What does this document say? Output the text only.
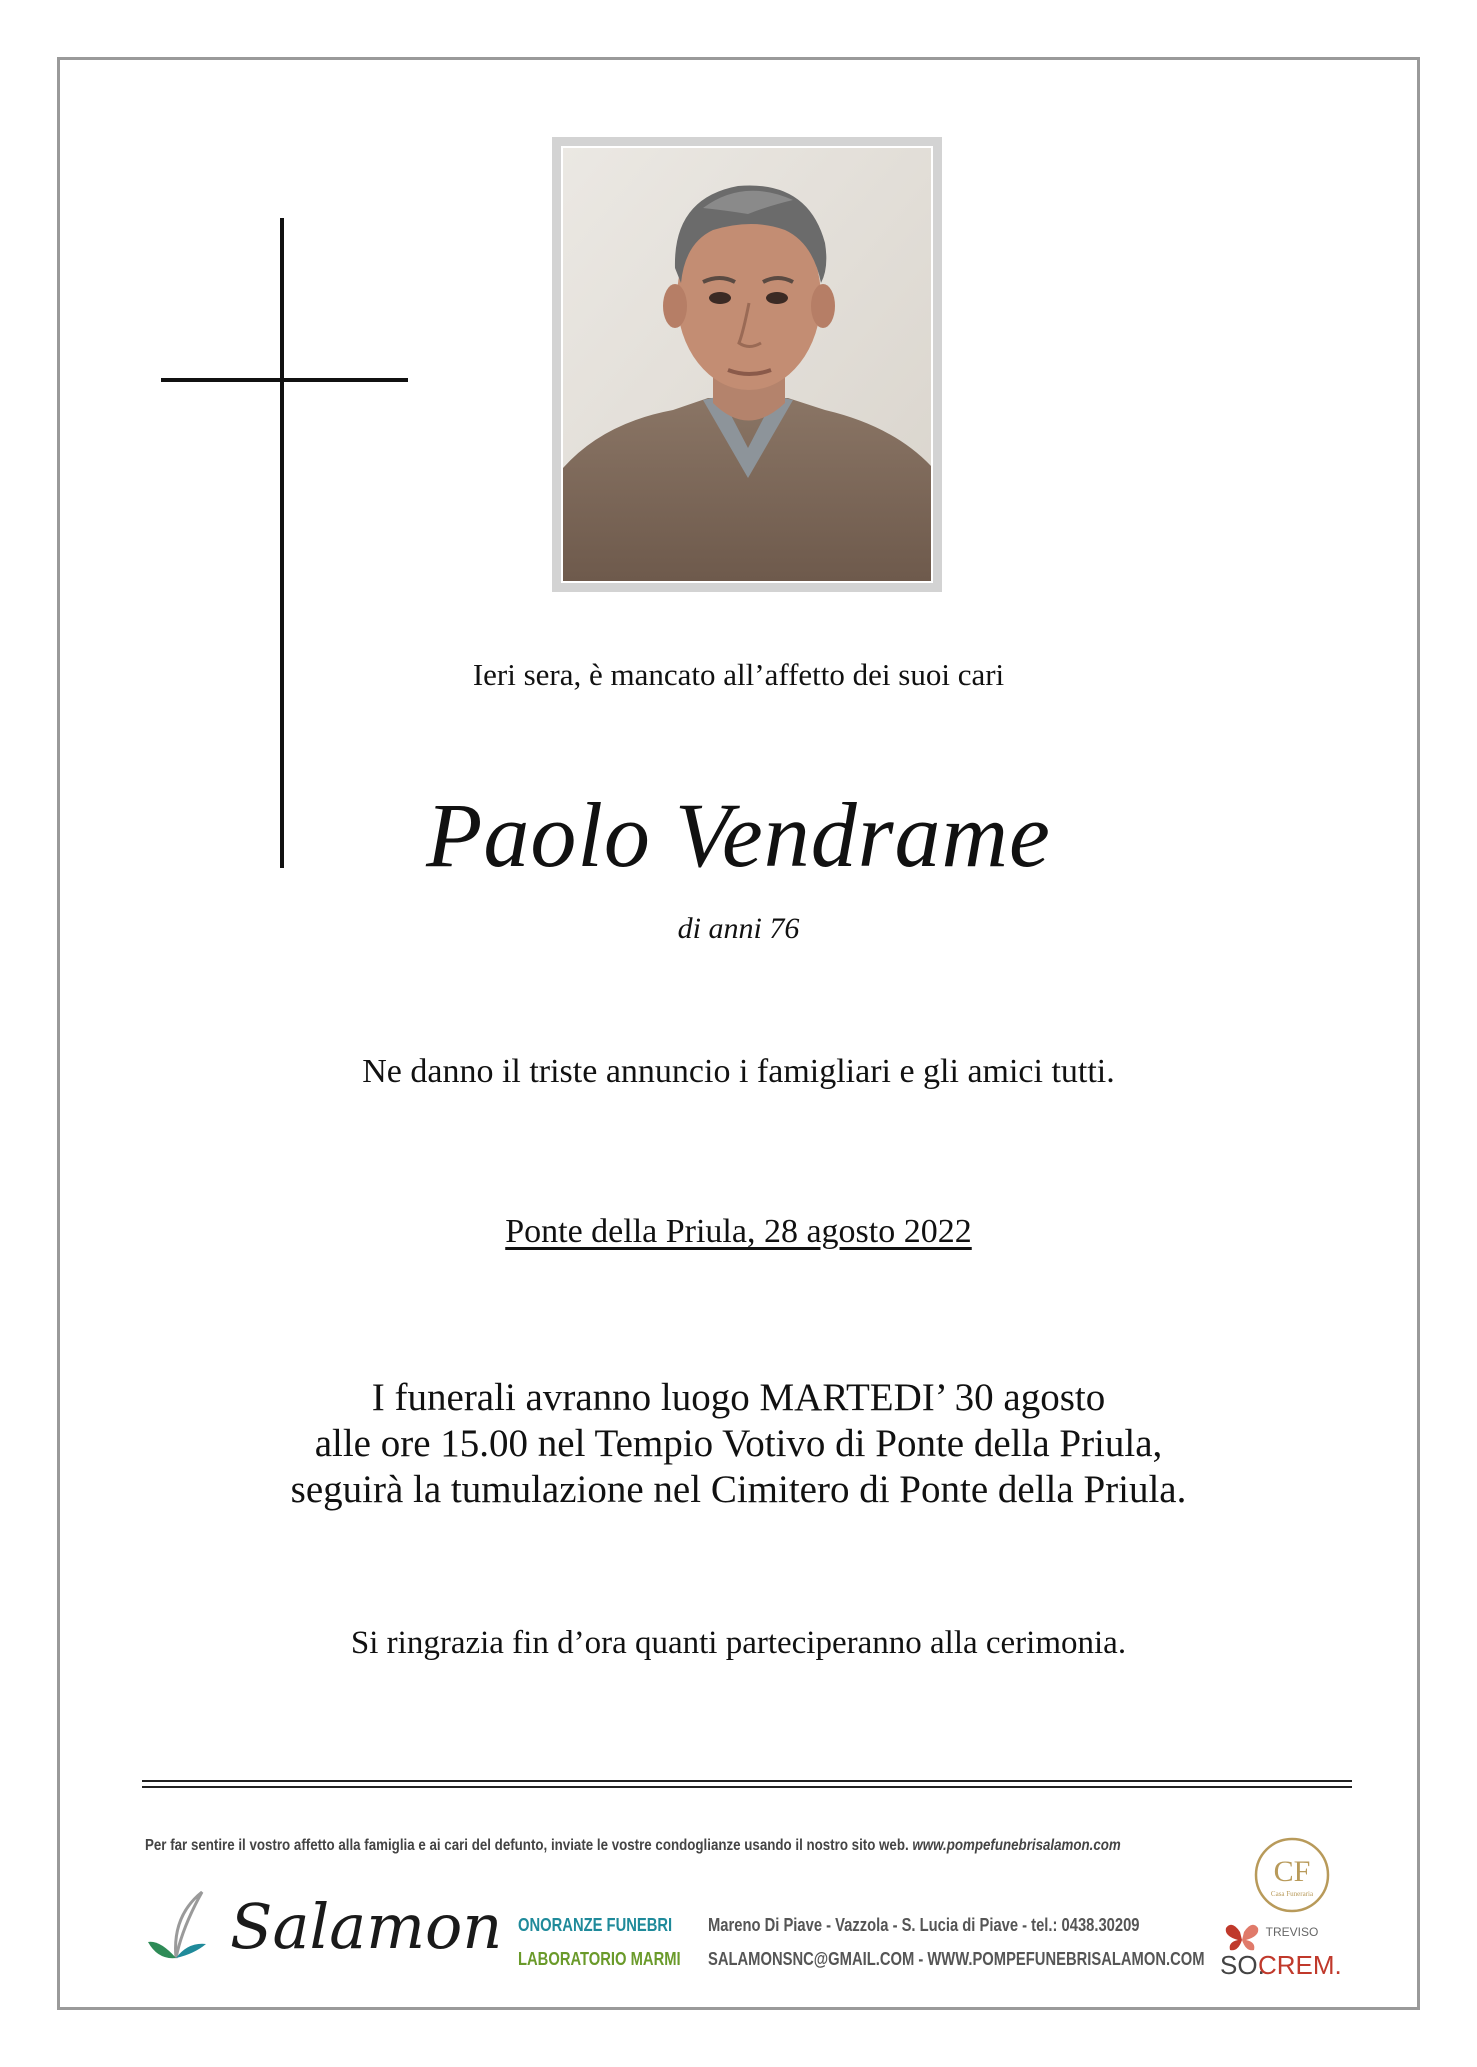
Ieri sera, è mancato all’affetto dei suoi cari
Paolo Vendrame
di anni 76
Ne danno il triste annuncio i famigliari e gli amici tutti.
Ponte della Priula, 28 agosto 2022
I funerali avranno luogo MARTEDI’ 30 agosto
alle ore 15.00 nel Tempio Votivo di Ponte della Priula,
seguirà la tumulazione nel Cimitero di Ponte della Priula.
Si ringrazia fin d’ora quanti parteciperanno alla cerimonia.
Per far sentire il vostro affetto alla famiglia e ai cari del defunto, inviate le vostre condoglianze usando il nostro sito web. www.pompefunebrisalamon.com
Salamon ONORANZE FUNEBRI
LABORATORIO MARMI
Mareno Di Piave - Vazzola - S. Lucia di Piave - tel.: 0438.30209
SALAMONSNC@GMAIL.COM - WWW.POMPEFUNEBRISALAMON.COM
CF
Casa Funeraria
TREVISO
SO.
CREM.
